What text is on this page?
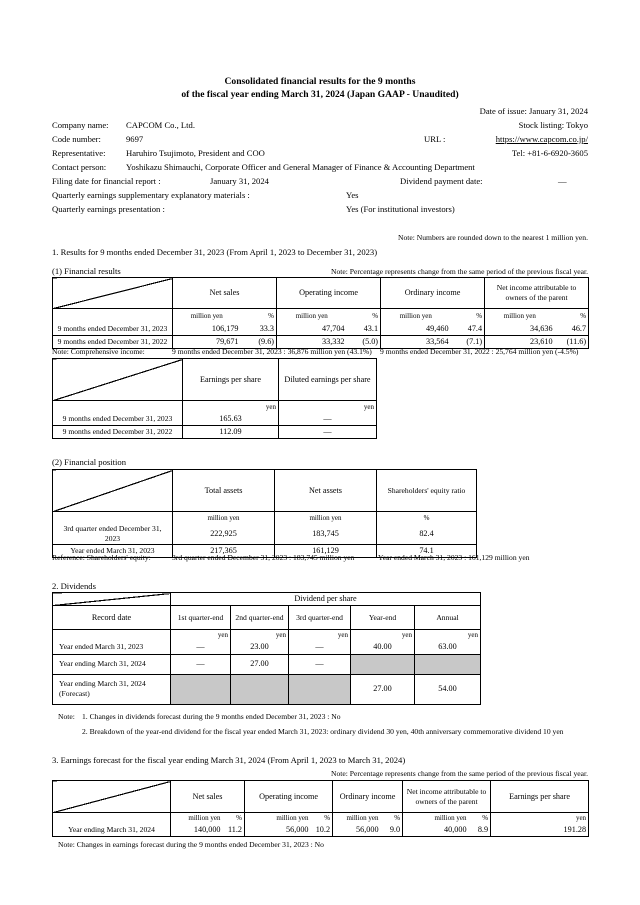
Consolidated financial results for the 9 months
of the fiscal year ending March 31, 2024 (Japan GAAP - Unaudited)
Date of issue: January 31, 2024
Company name: CAPCOM Co., Ltd.	Stock listing: Tokyo
Code number:	9697	URL :	https://www.capcom.co.jp/
Representative: Haruhiro Tsujimoto, President and COO	Tel: +81-6-6920-3605
Contact person: Yoshikazu Shimauchi, Corporate Officer and General Manager of Finance & Accounting Department
Filing date for financial report :	January 31, 2024	Dividend payment date:	―
Quarterly earnings supplementary explanatory materials :	Yes
Quarterly earnings presentation :	Yes (For institutional investors)
Note: Numbers are rounded down to the nearest 1 million yen.
1. Results for 9 months ended December 31, 2023 (From April 1, 2023 to December 31, 2023)
(1) Financial results	Note: Percentage represents change from the same period of the previous fiscal year.
	Net sales		Operating income		Ordinary income		Net income attributable to owners of the parent	
	million yen	%	million yen	%	million yen	%	million yen	%
9 months ended December 31, 2023	106,179	33.3	47,704	43.1	49,460	47.4	34,636	46.7
9 months ended December 31, 2022	79,671	(9.6)	33,332	(5.0)	33,564	(7.1)	23,610	(11.6)
Note: Comprehensive income:	9 months ended December 31, 2023 : 36,876 million yen (43.1%) 9 months ended December 31, 2022 : 25,764 million yen (-4.5%)
	Earnings per share	Diluted earnings per share
	yen	yen
9 months ended December 31, 2023	165.63	―
9 months ended December 31, 2022	112.09	―
(2) Financial position
	Total assets	Net assets	Shareholders' equity ratio
	million yen	million yen	%
3rd quarter ended December 31, 2023	222,925	183,745	82.4
Year ended March 31, 2023	217,365	161,129	74.1
Reference: Shareholders' equity:	3rd quarter ended December 31, 2023 : 183,745 million yen	Year ended March 31, 2023 : 161,129 million yen
2. Dividends
	Dividend per share				
Record date	1st quarter-end	2nd quarter-end	3rd quarter-end	Year-end	Annual
	yen	yen	yen	yen	yen
Year ended March 31, 2023	―	23.00	―	40.00	63.00
Year ending March 31, 2024	―	27.00	―		
Year ending March 31, 2024
(Forecast)				27.00	54.00
Note: 1. Changes in dividends forecast during the 9 months ended December 31, 2023 : No
2. Breakdown of the year-end dividend for the fiscal year ended March 31, 2023: ordinary dividend 30 yen, 40th anniversary commemorative dividend 10 yen
3. Earnings forecast for the fiscal year ending March 31, 2024 (From April 1, 2023 to March 31, 2024)
Note: Percentage represents change from the same period of the previous fiscal year.
	Net sales		Operating income		Ordinary income		Net income attributable to owners of the parent		Earnings per share
	million yen	%	million yen	%	million yen	%	million yen	%	yen
Year ending March 31, 2024	140,000	11.2	56,000	10.2	56,000	9.0	40,000	8.9	191.28
Note: Changes in earnings forecast during the 9 months ended December 31, 2023 : No
